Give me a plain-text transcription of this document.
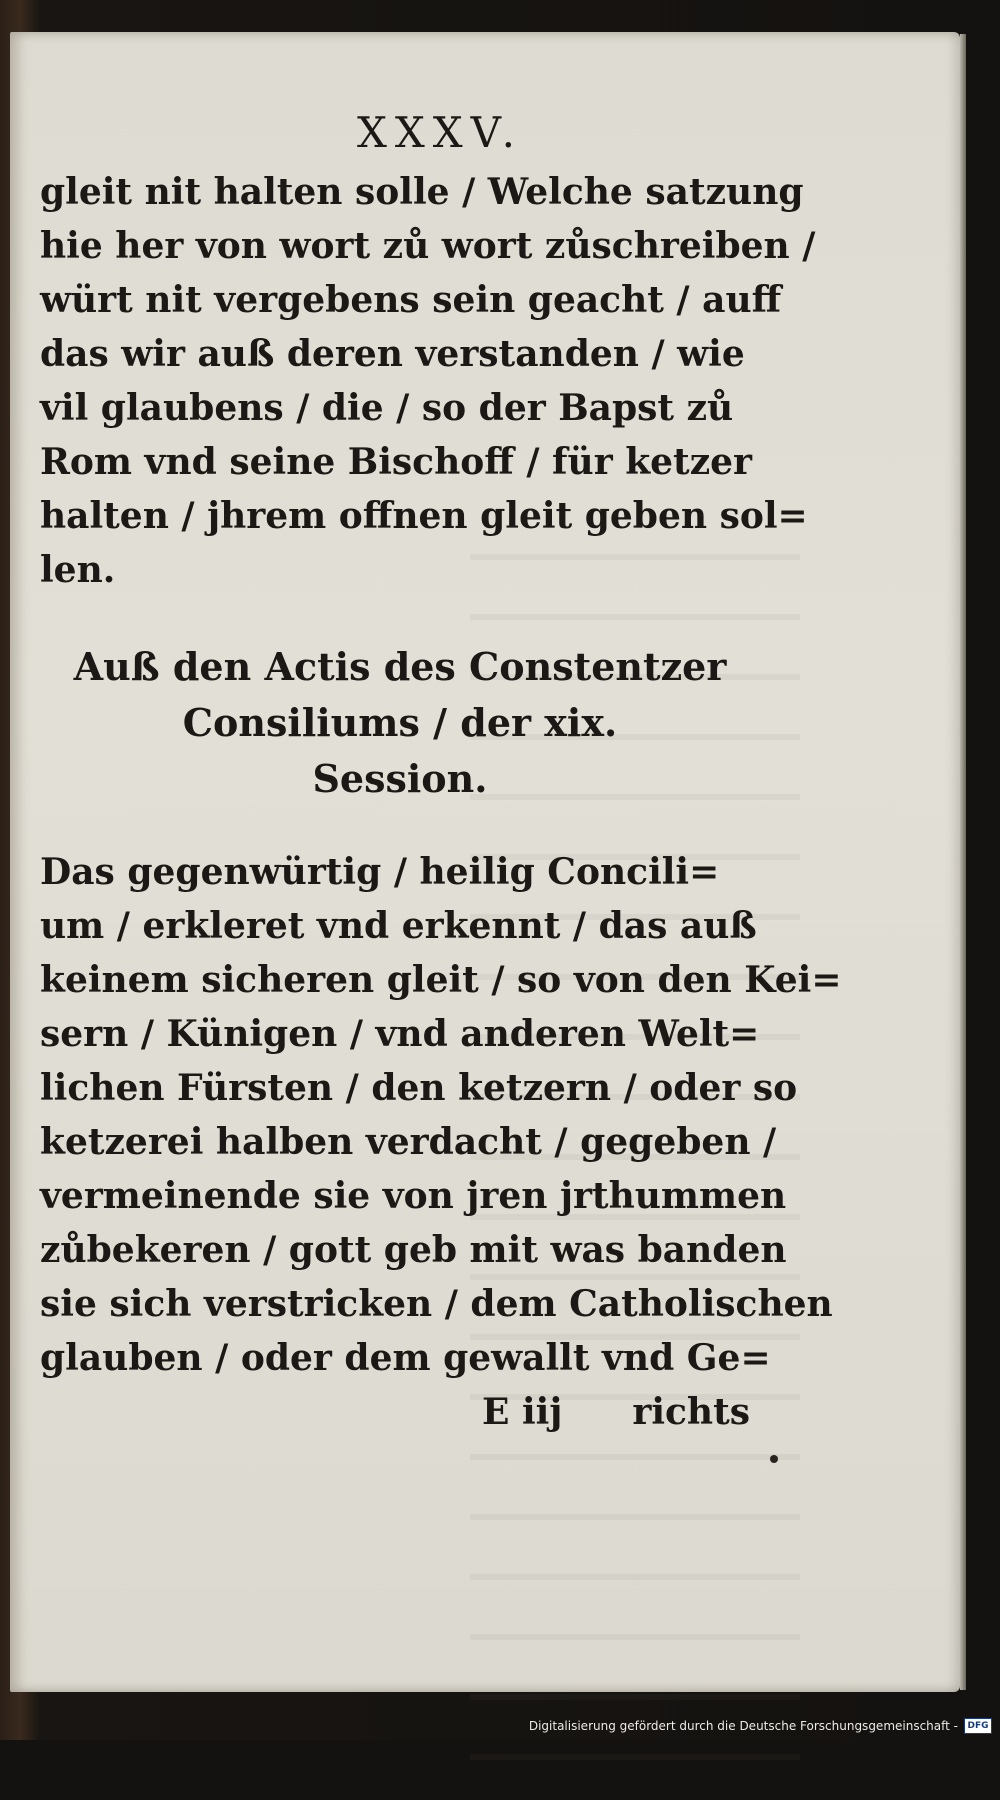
XXXV.
gleit nit halten solle / Welche satzung
hie her von wort zů wort zůschreiben /
würt nit vergebens sein geacht / auff
das wir auß deren verstanden / wie
vil glaubens / die / so der Bapst zů
Rom vnd seine Bischoff / für ketzer
halten / jhrem offnen gleit geben sol=
len.
Auß den Actis des Constentzer
Consiliums / der xix.
Session.
Das gegenwürtig / heilig Concili=
um / erkleret vnd erkennt / das auß
keinem sicheren gleit / so von den Kei=
sern / Künigen / vnd anderen Welt=
lichen Fürsten / den ketzern / oder so
ketzerei halben verdacht / gegeben /
vermeinende sie von jren jrthummen
zůbekeren / gott geb mit was banden
sie sich verstricken / dem Catholischen
glauben / oder dem gewallt vnd Ge=
E iij richts
Digitalisierung gefördert durch die Deutsche Forschungsgemeinschaft -	DFG
